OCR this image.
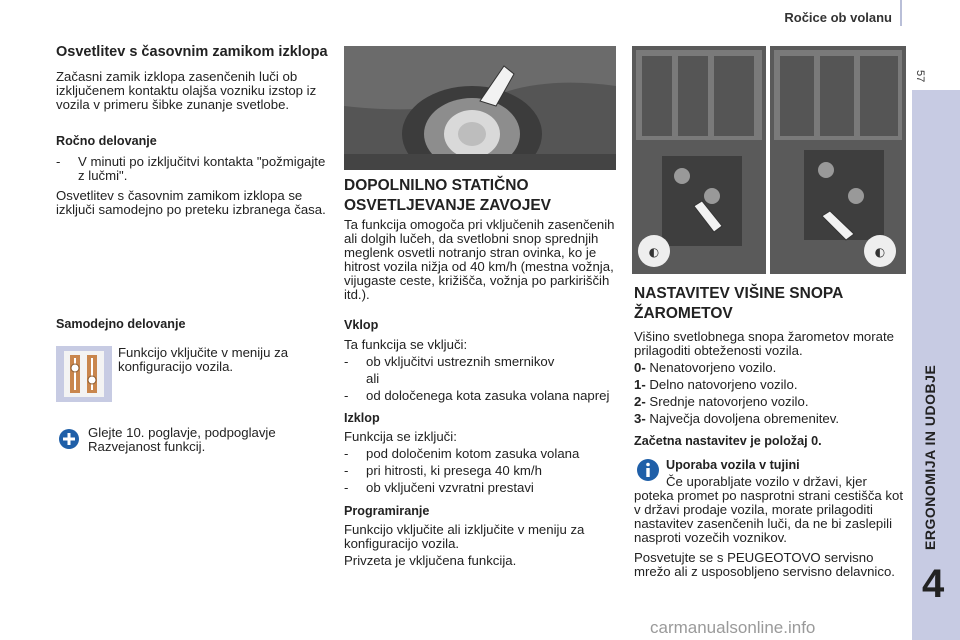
Ročice ob volanu
57
ERGONOMIJA IN UDOBJE
4
Osvetlitev s časovnim zamikom izklopa

Začasni zamik izklopa zasenčenih luči ob izključenem kontaktu olajša vozniku izstop iz vozila v primeru šibke zunanje svetlobe.

Ročno delovanje
-	V minuti po izključitvi kontakta "požmigajte z lučmi".

Osvetlitev s časovnim zamikom izklopa se izključi samodejno po preteku izbranega časa.

Samodejno delovanje

Funkcijo vključite v meniju za konfiguracijo vozila.

Glejte 10. poglavje, podpoglavje Razvejanost funkcij.

DOPOLNILNO STATIČNO
OSVETLJEVANJE ZAVOJEV

Ta funkcija omogoča pri vključenih zasenčenih ali dolgih lučeh, da svetlobni snop sprednjih meglenk osvetli notranjo stran ovinka, ko je hitrost vozila nižja od 40 km/h (mestna vožnja, vijugaste ceste, križišča, vožnja po parkiriščih itd.).

Vklop

Ta funkcija se vključi:

-	ob vključitvi ustreznih smernikov
ali
-	od določenega kota zasuka volana naprej
Izklop

Funkcija se izključi:

-	pod določenim kotom zasuka volana
-	pri hitrosti, ki presega 40 km/h
-	ob vključeni vzvratni prestavi
Programiranje

Funkcijo vključite ali izključite v meniju za konfiguracijo vozila.

Privzeta je vključena funkcija.

◐	◐
NASTAVITEV VIŠINE SNOPA
ŽAROMETOV

Višino svetlobnega snopa žarometov morate prilagoditi obteženosti vozila.

0- Nenatovorjeno vozilo.
1- Delno natovorjeno vozilo.
2- Srednje natovorjeno vozilo.
3- Največja dovoljena obremenitev.
Začetna nastavitev je položaj 0.
Uporaba vozila v tujini

Če uporabljate vozilo v državi, kjer poteka promet po nasprotni strani cestišča kot v državi prodaje vozila, morate prilagoditi nastavitev zasenčenih luči, da ne bi zaslepili nasproti vozečih voznikov.

Posvetujte se s PEUGEOTOVO servisno mrežo ali z usposobljeno servisno delavnico.

carmanualsonline.info
